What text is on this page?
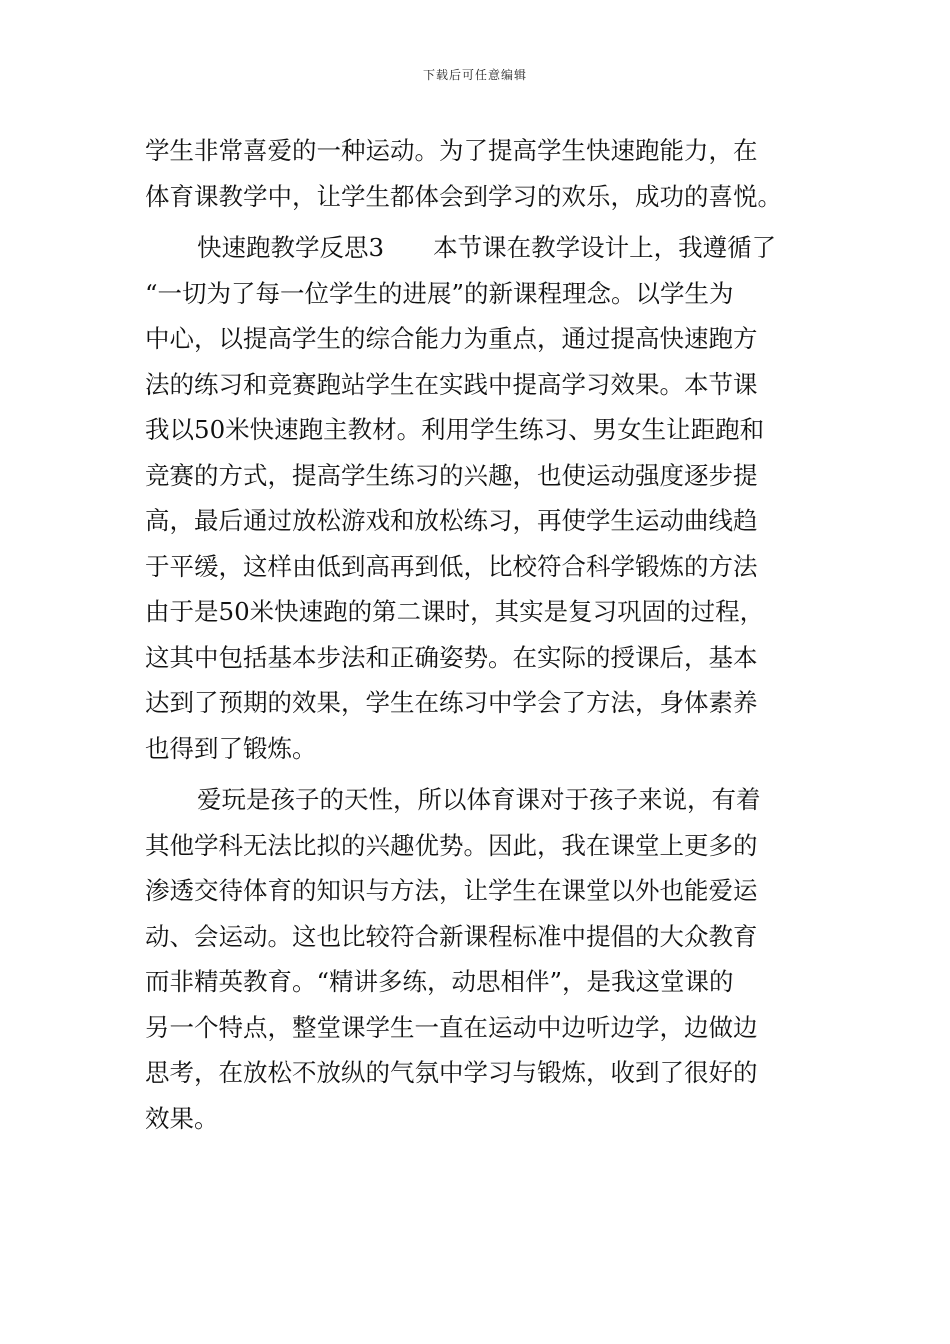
下载后可任意编辑
学生非常喜爱的一种运动。为了提高学生快速跑能力，在
体育课教学中，让学生都体会到学习的欢乐，成功的喜悦。
快速跑教学反思3　　本节课在教学设计上，我遵循了
“一切为了每一位学生的进展”的新课程理念。以学生为
中心，以提高学生的综合能力为重点，通过提高快速跑方
法的练习和竞赛跑站学生在实践中提高学习效果。本节课
我以50米快速跑主教材。利用学生练习、男女生让距跑和
竞赛的方式，提高学生练习的兴趣，也使运动强度逐步提
高，最后通过放松游戏和放松练习，再使学生运动曲线趋
于平缓，这样由低到高再到低，比校符合科学锻炼的方法
由于是50米快速跑的第二课时，其实是复习巩固的过程，
这其中包括基本步法和正确姿势。在实际的授课后，基本
达到了预期的效果，学生在练习中学会了方法，身体素养
也得到了锻炼。
爱玩是孩子的天性，所以体育课对于孩子来说，有着
其他学科无法比拟的兴趣优势。因此，我在课堂上更多的
渗透交待体育的知识与方法，让学生在课堂以外也能爱运
动、会运动。这也比较符合新课程标准中提倡的大众教育
而非精英教育。“精讲多练，动思相伴”，是我这堂课的
另一个特点，整堂课学生一直在运动中边听边学，边做边
思考，在放松不放纵的气氛中学习与锻炼，收到了很好的
效果。
